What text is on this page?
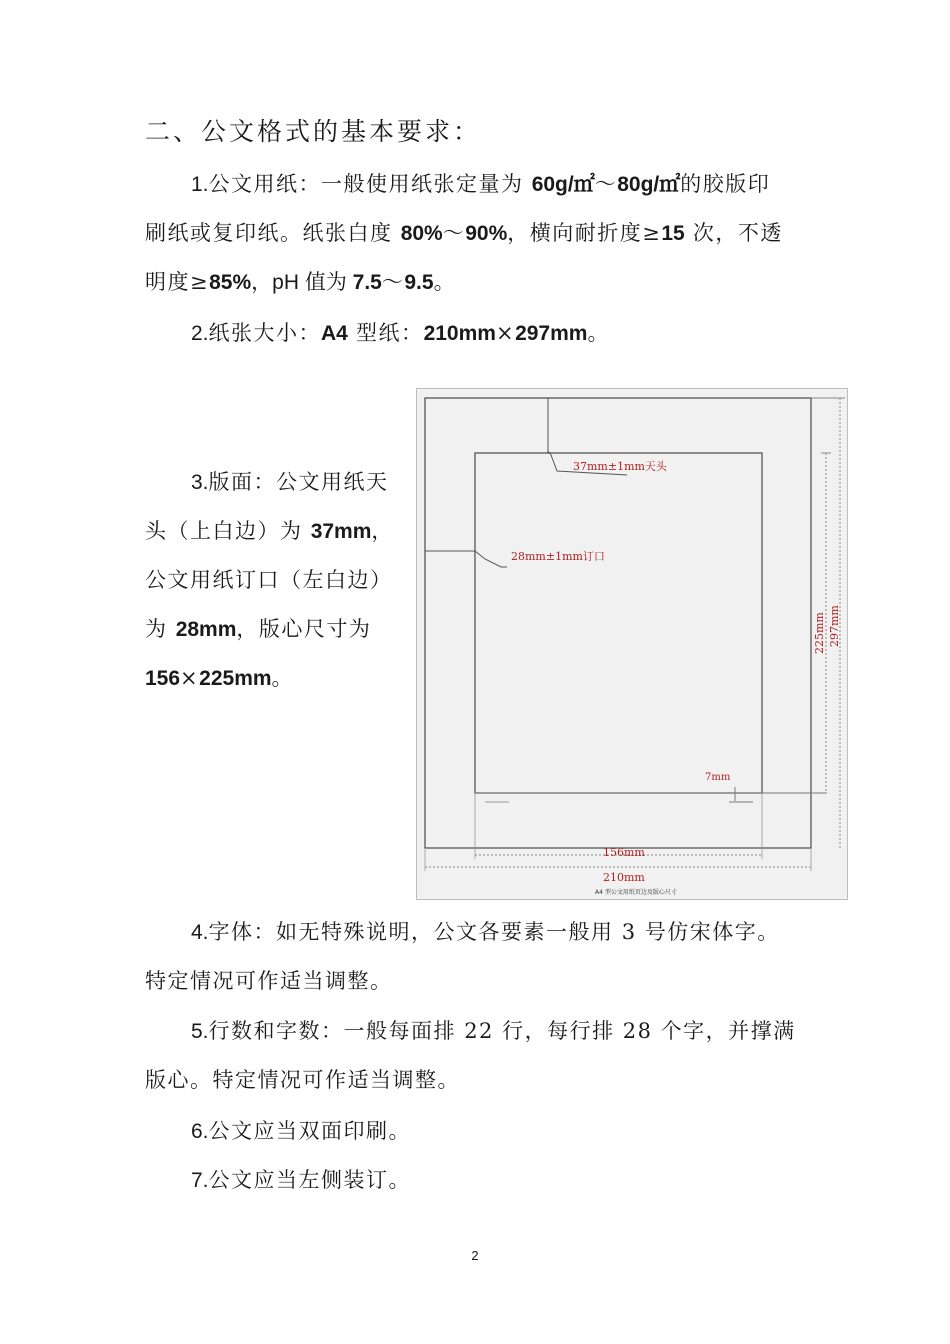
二、公文格式的基本要求：
1.公文用纸：一般使用纸张定量为 60g/㎡～80g/㎡的胶版印
刷纸或复印纸。纸张白度 80%～90%，横向耐折度≥15 次，不透
明度≥85%，pH 值为 7.5～9.5。
2.纸张大小：A4 型纸：210mm×297mm。
3.版面：公文用纸天
头（上白边）为 37mm，
公文用纸订口（左白边）
为 28mm，版心尺寸为
156×225mm。
37mm±1mm天头
28mm±1mm订口
7mm
156mm
210mm
225mm 297mm
A4 型公文用纸页边及版心尺寸
4.字体：如无特殊说明，公文各要素一般用 3 号仿宋体字。
特定情况可作适当调整。
5.行数和字数：一般每面排 22 行，每行排 28 个字，并撑满
版心。特定情况可作适当调整。
6.公文应当双面印刷。
7.公文应当左侧装订。
2
